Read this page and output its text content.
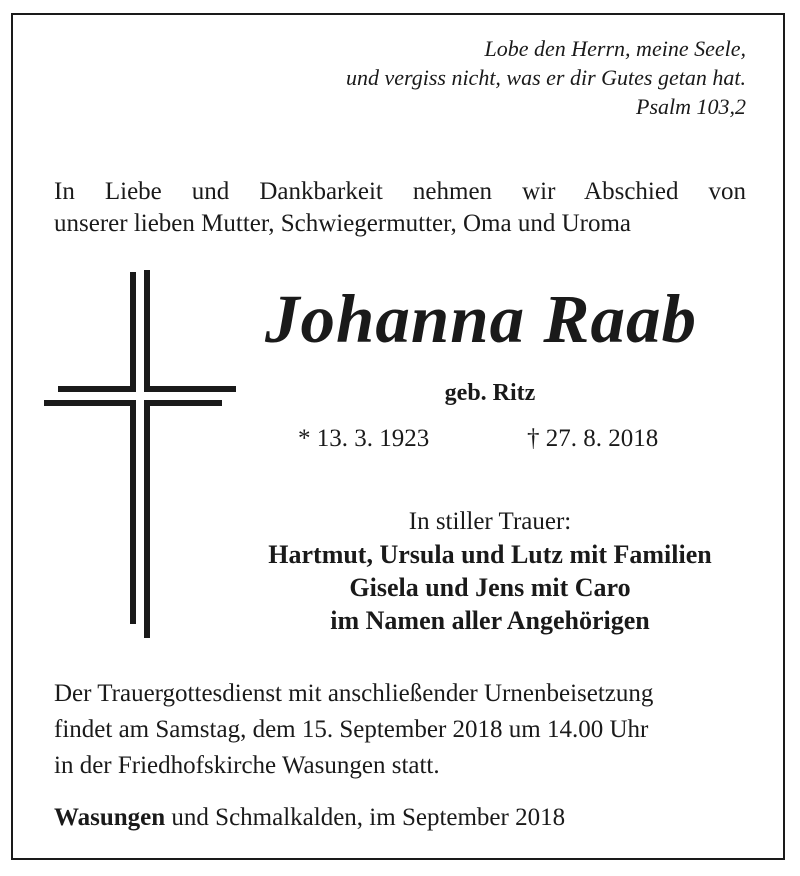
Lobe den Herrn, meine Seele,
und vergiss nicht, was er dir Gutes getan hat.
Psalm 103,2
In Liebe und Dankbarkeit nehmen wir Abschied von
unserer lieben Mutter, Schwiegermutter, Oma und Uroma
Johanna Raab
geb. Ritz
* 13. 3. 1923	† 27. 8. 2018
In stiller Trauer:
Hartmut, Ursula und Lutz mit Familien
Gisela und Jens mit Caro
im Namen aller Angehörigen
Der Trauergottesdienst mit anschließender Urnenbeisetzung
findet am Samstag, dem 15. September 2018 um 14.00 Uhr
in der Friedhofskirche Wasungen statt.
Wasungen und Schmalkalden, im September 2018
